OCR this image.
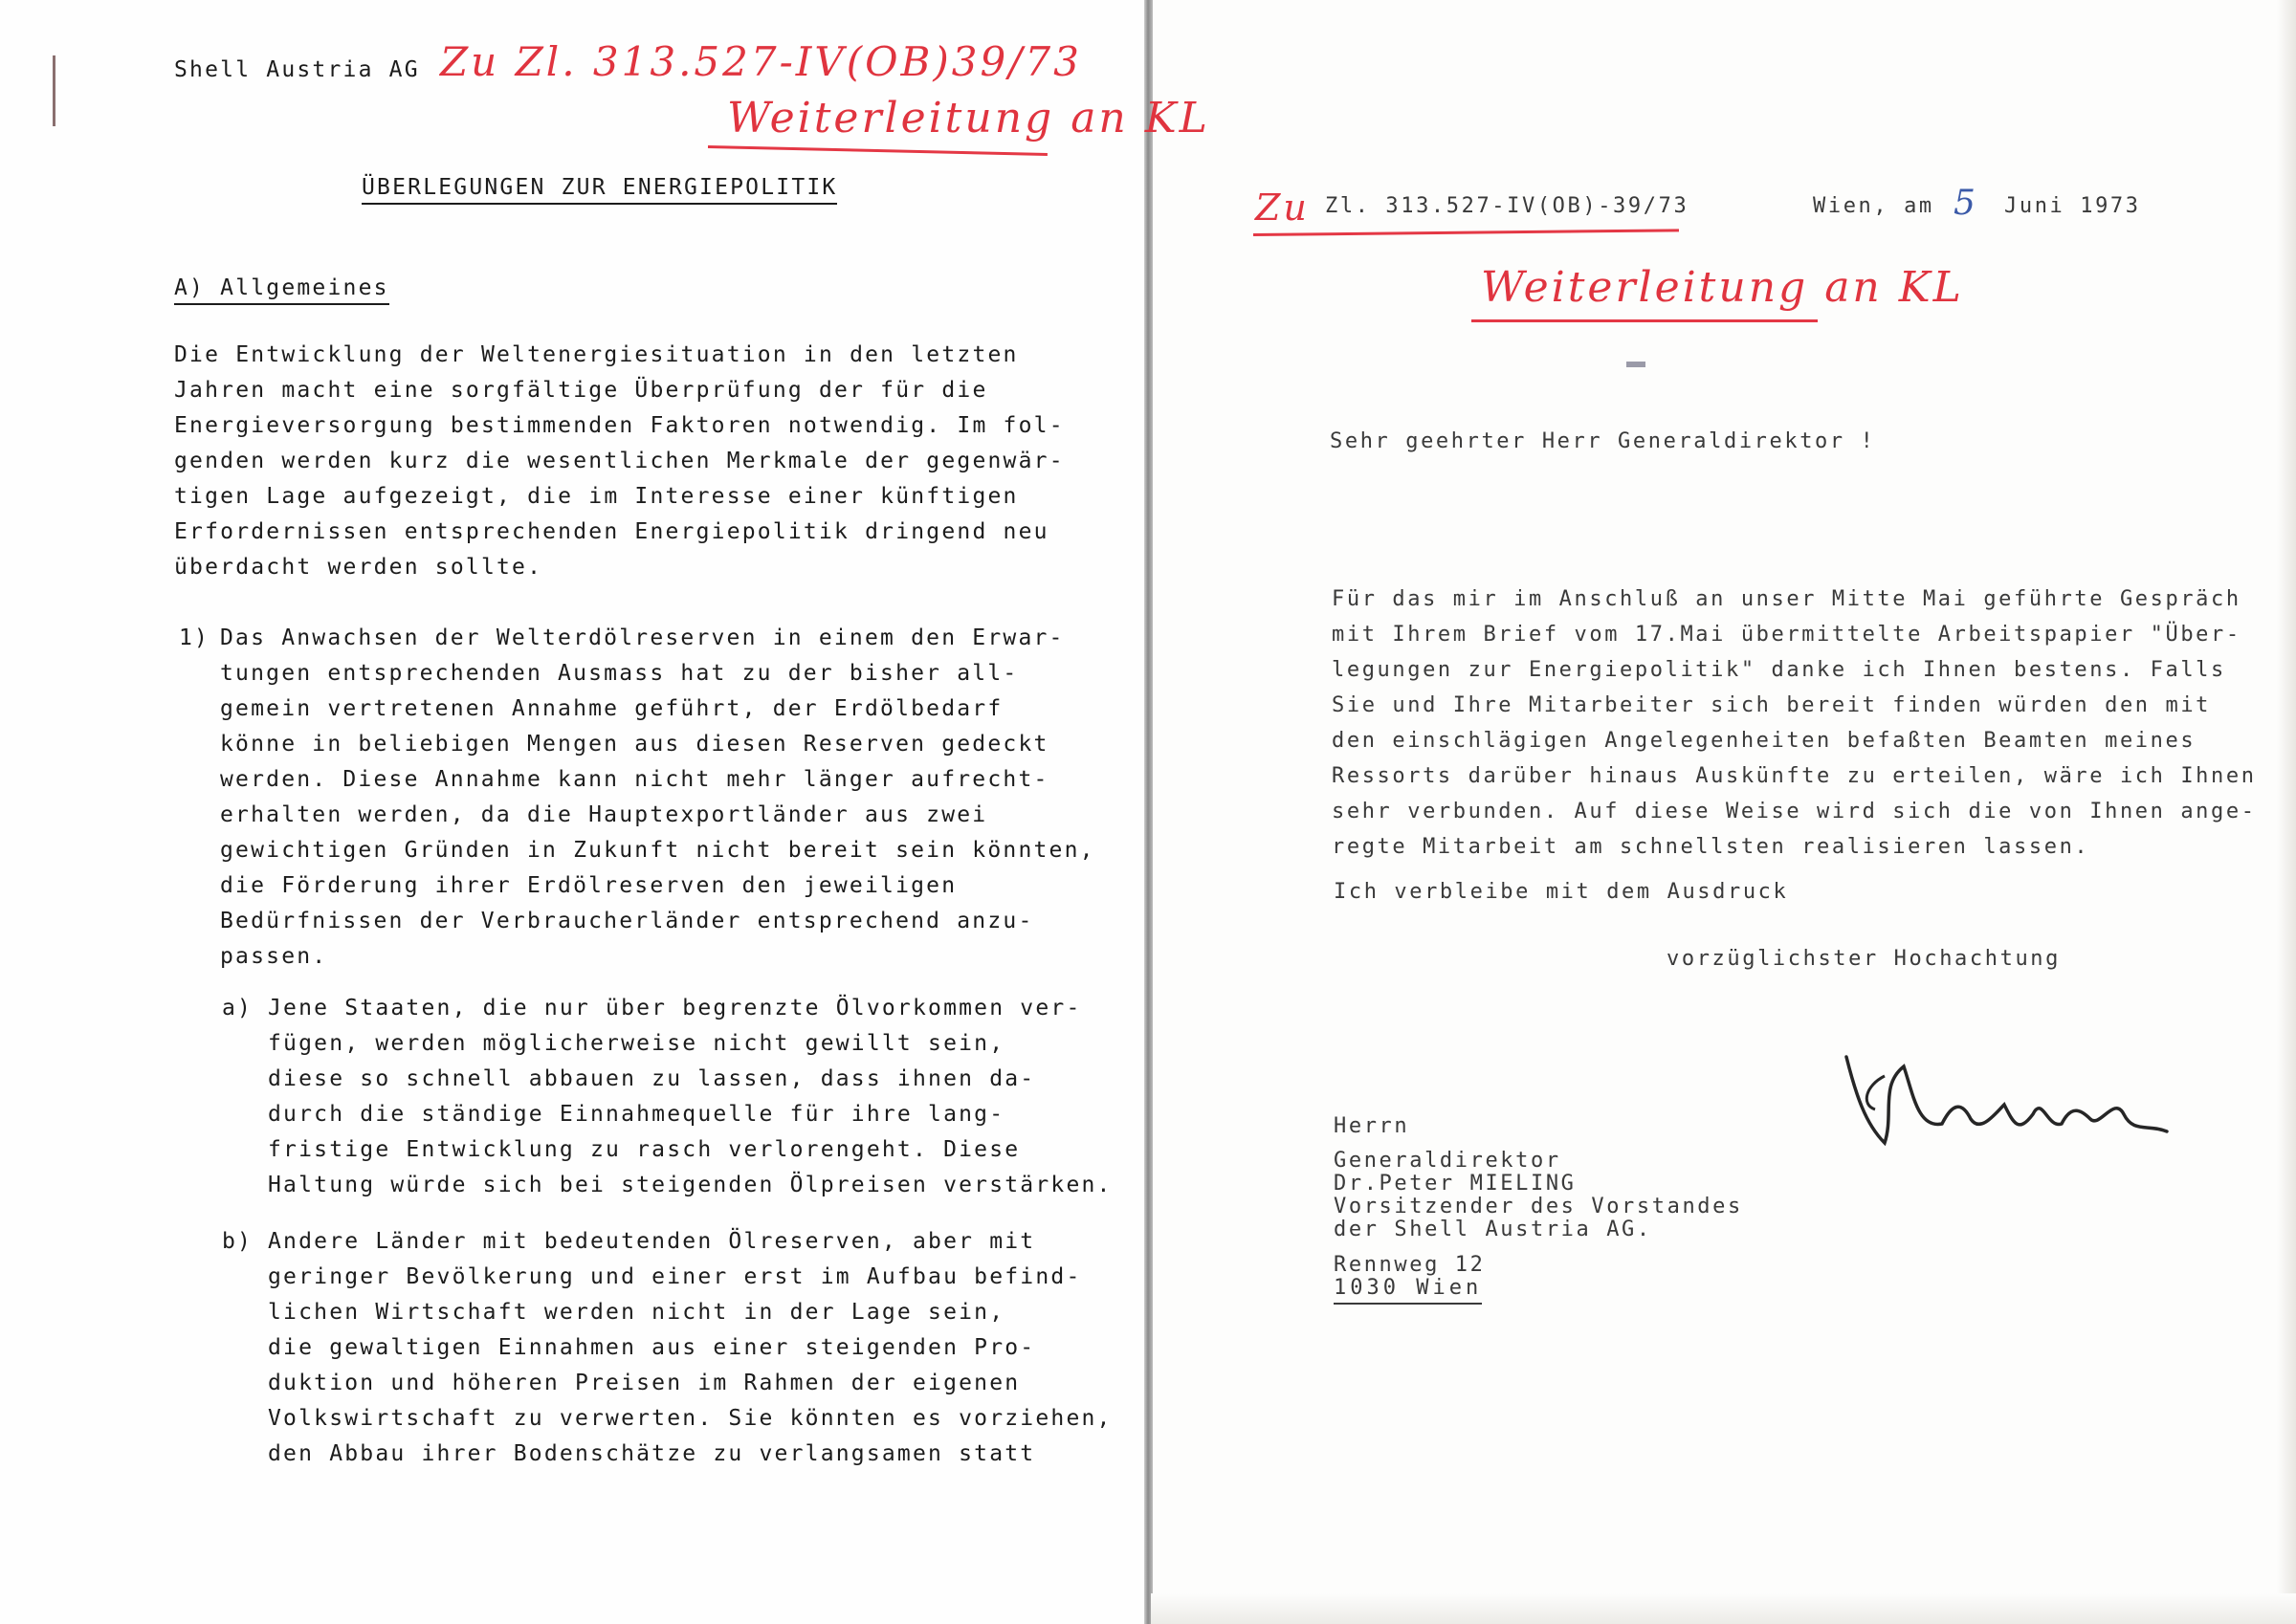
Shell Austria AG Zu Zl. 313.527-IV(OB)39/73
Weiterleitung an KL
ÜBERLEGUNGEN ZUR ENERGIEPOLITIK
A) Allgemeines
Die Entwicklung der Weltenergiesituation in den letzten
Jahren macht eine sorgfältige Überprüfung der für die
Energieversorgung bestimmenden Faktoren notwendig. Im fol-
genden werden kurz die wesentlichen Merkmale der gegenwär-
tigen Lage aufgezeigt, die im Interesse einer künftigen
Erfordernissen entsprechenden Energiepolitik dringend neu
überdacht werden sollte.
1) Das Anwachsen der Welterdölreserven in einem den Erwar-
tungen entsprechenden Ausmass hat zu der bisher all-
gemein vertretenen Annahme geführt, der Erdölbedarf
könne in beliebigen Mengen aus diesen Reserven gedeckt
werden. Diese Annahme kann nicht mehr länger aufrecht-
erhalten werden, da die Hauptexportländer aus zwei
gewichtigen Gründen in Zukunft nicht bereit sein könnten,
die Förderung ihrer Erdölreserven den jeweiligen
Bedürfnissen der Verbraucherländer entsprechend anzu-
passen.
a) Jene Staaten, die nur über begrenzte Ölvorkommen ver-
fügen, werden möglicherweise nicht gewillt sein,
diese so schnell abbauen zu lassen, dass ihnen da-
durch die ständige Einnahmequelle für ihre lang-
fristige Entwicklung zu rasch verlorengeht. Diese
Haltung würde sich bei steigenden Ölpreisen verstärken.
b) Andere Länder mit bedeutenden Ölreserven, aber mit
geringer Bevölkerung und einer erst im Aufbau befind-
lichen Wirtschaft werden nicht in der Lage sein,
die gewaltigen Einnahmen aus einer steigenden Pro-
duktion und höheren Preisen im Rahmen der eigenen
Volkswirtschaft zu verwerten. Sie könnten es vorziehen,
den Abbau ihrer Bodenschätze zu verlangsamen statt
Zu Zl. 313.527-IV(OB)-39/73	Wien, am 5 Juni 1973
Weiterleitung an KL
Sehr geehrter Herr Generaldirektor !
Für das mir im Anschluß an unser Mitte Mai geführte Gespräch
mit Ihrem Brief vom 17.Mai übermittelte Arbeitspapier "Über-
legungen zur Energiepolitik" danke ich Ihnen bestens. Falls
Sie und Ihre Mitarbeiter sich bereit finden würden den mit
den einschlägigen Angelegenheiten befaßten Beamten meines
Ressorts darüber hinaus Auskünfte zu erteilen, wäre ich Ihnen
sehr verbunden. Auf diese Weise wird sich die von Ihnen ange-
regte Mitarbeit am schnellsten realisieren lassen.
Ich verbleibe mit dem Ausdruck
vorzüglichster Hochachtung
Herrn
Generaldirektor
Dr.Peter MIELING
Vorsitzender des Vorstandes
der Shell Austria AG.
Rennweg 12
1030 Wien
